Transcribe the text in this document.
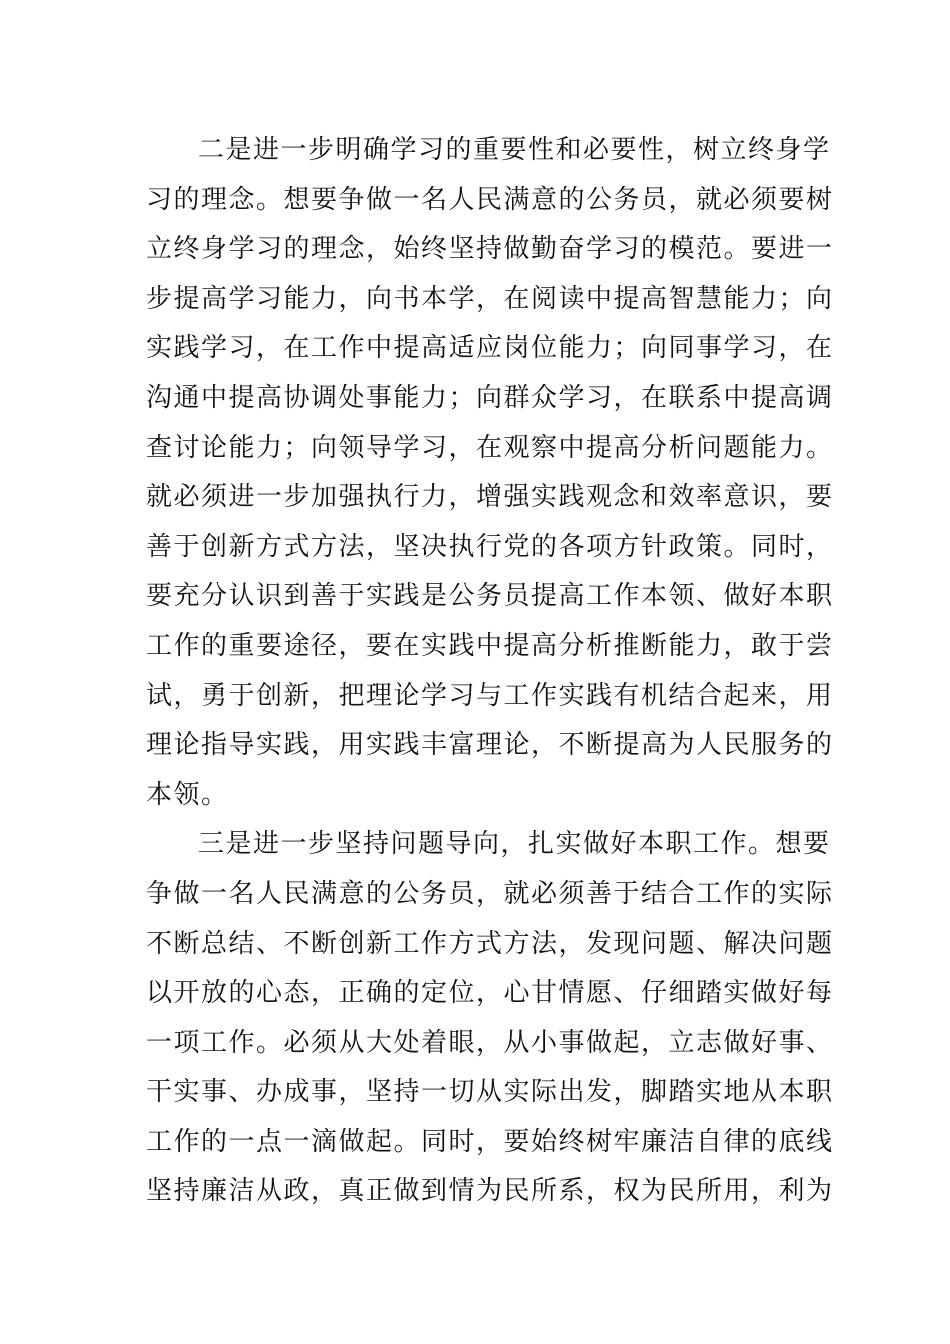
二是进一步明确学习的重要性和必要性，树立终身学
习的理念。想要争做一名人民满意的公务员，就必须要树
立终身学习的理念，始终坚持做勤奋学习的模范。要进一
步提高学习能力，向书本学，在阅读中提高智慧能力；向
实践学习，在工作中提高适应岗位能力；向同事学习，在
沟通中提高协调处事能力；向群众学习，在联系中提高调
查讨论能力；向领导学习，在观察中提高分析问题能力。
就必须进一步加强执行力，增强实践观念和效率意识，要
善于创新方式方法，坚决执行党的各项方针政策。同时，
要充分认识到善于实践是公务员提高工作本领、做好本职
工作的重要途径，要在实践中提高分析推断能力，敢于尝
试，勇于创新，把理论学习与工作实践有机结合起来，用
理论指导实践，用实践丰富理论，不断提高为人民服务的
本领。
三是进一步坚持问题导向，扎实做好本职工作。想要
争做一名人民满意的公务员，就必须善于结合工作的实际
不断总结、不断创新工作方式方法，发现问题、解决问题
以开放的心态，正确的定位，心甘情愿、仔细踏实做好每
一项工作。必须从大处着眼，从小事做起，立志做好事、
干实事、办成事，坚持一切从实际出发，脚踏实地从本职
工作的一点一滴做起。同时，要始终树牢廉洁自律的底线
坚持廉洁从政，真正做到情为民所系，权为民所用，利为
